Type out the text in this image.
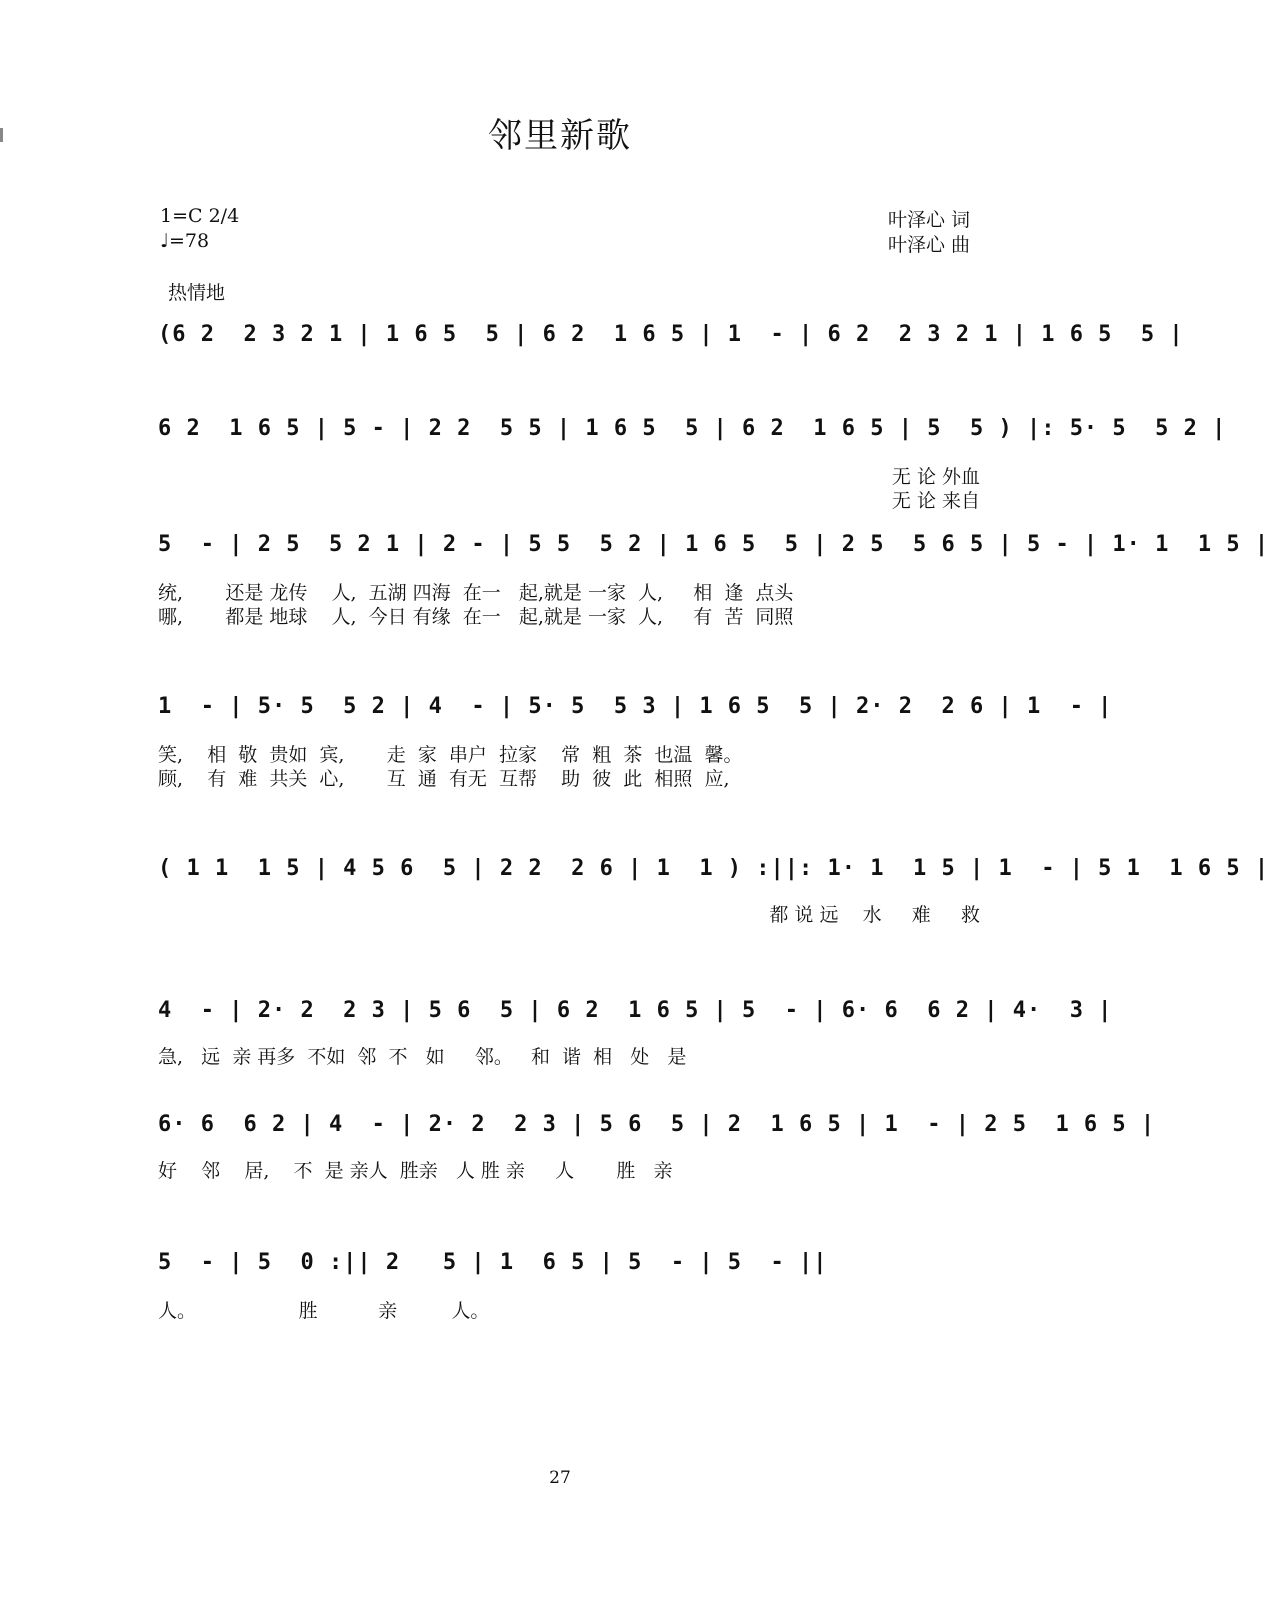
邻里新歌
1=C 2/4
♩=78
热情地
叶泽心 词
叶泽心 曲
(6 2  2 3 2 1 | 1 6 5  5 | 6 2  1 6 5 | 1  - | 6 2  2 3 2 1 | 1 6 5  5 |
6 2  1 6 5 | 5 - | 2 2  5 5 | 1 6 5  5 | 6 2  1 6 5 | 5  5 ) |: 5· 5  5 2 |
无 论 外血
无 论 来自
5  - | 2 5  5 2 1 | 2 - | 5 5  5 2 | 1 6 5  5 | 2 5  5 6 5 | 5 - | 1· 1  1 5 |
统,       还是 龙传    人,  五湖 四海  在一   起,就是 一家  人,     相  逢  点头
哪,       都是 地球    人,  今日 有缘  在一   起,就是 一家  人,     有  苦  同照
1  - | 5· 5  5 2 | 4  - | 5· 5  5 3 | 1 6 5  5 | 2· 2  2 6 | 1  - |
笑,    相  敬  贵如  宾,       走  家  串户  拉家    常  粗  茶  也温  馨。
顾,    有  难  共关  心,       互  通  有无  互帮    助  彼  此  相照  应,
( 1 1  1 5 | 4 5 6  5 | 2 2  2 6 | 1  1 ) :||: 1· 1  1 5 | 1  - | 5 1  1 6 5 |
都 说 远    水     难     救
4  - | 2· 2  2 3 | 5 6  5 | 6 2  1 6 5 | 5  - | 6· 6  6 2 | 4·  3 |
急,   远  亲 再多  不如  邻  不   如     邻。   和  谐  相   处   是
6· 6  6 2 | 4  - | 2· 2  2 3 | 5 6  5 | 2  1 6 5 | 1  - | 2 5  1 6 5 |
好    邻    居,    不  是 亲人  胜亲   人 胜 亲     人       胜   亲
5  - | 5  0 :|| 2   5 | 1  6 5 | 5  - | 5  - ||
人。                 胜          亲         人。
27
